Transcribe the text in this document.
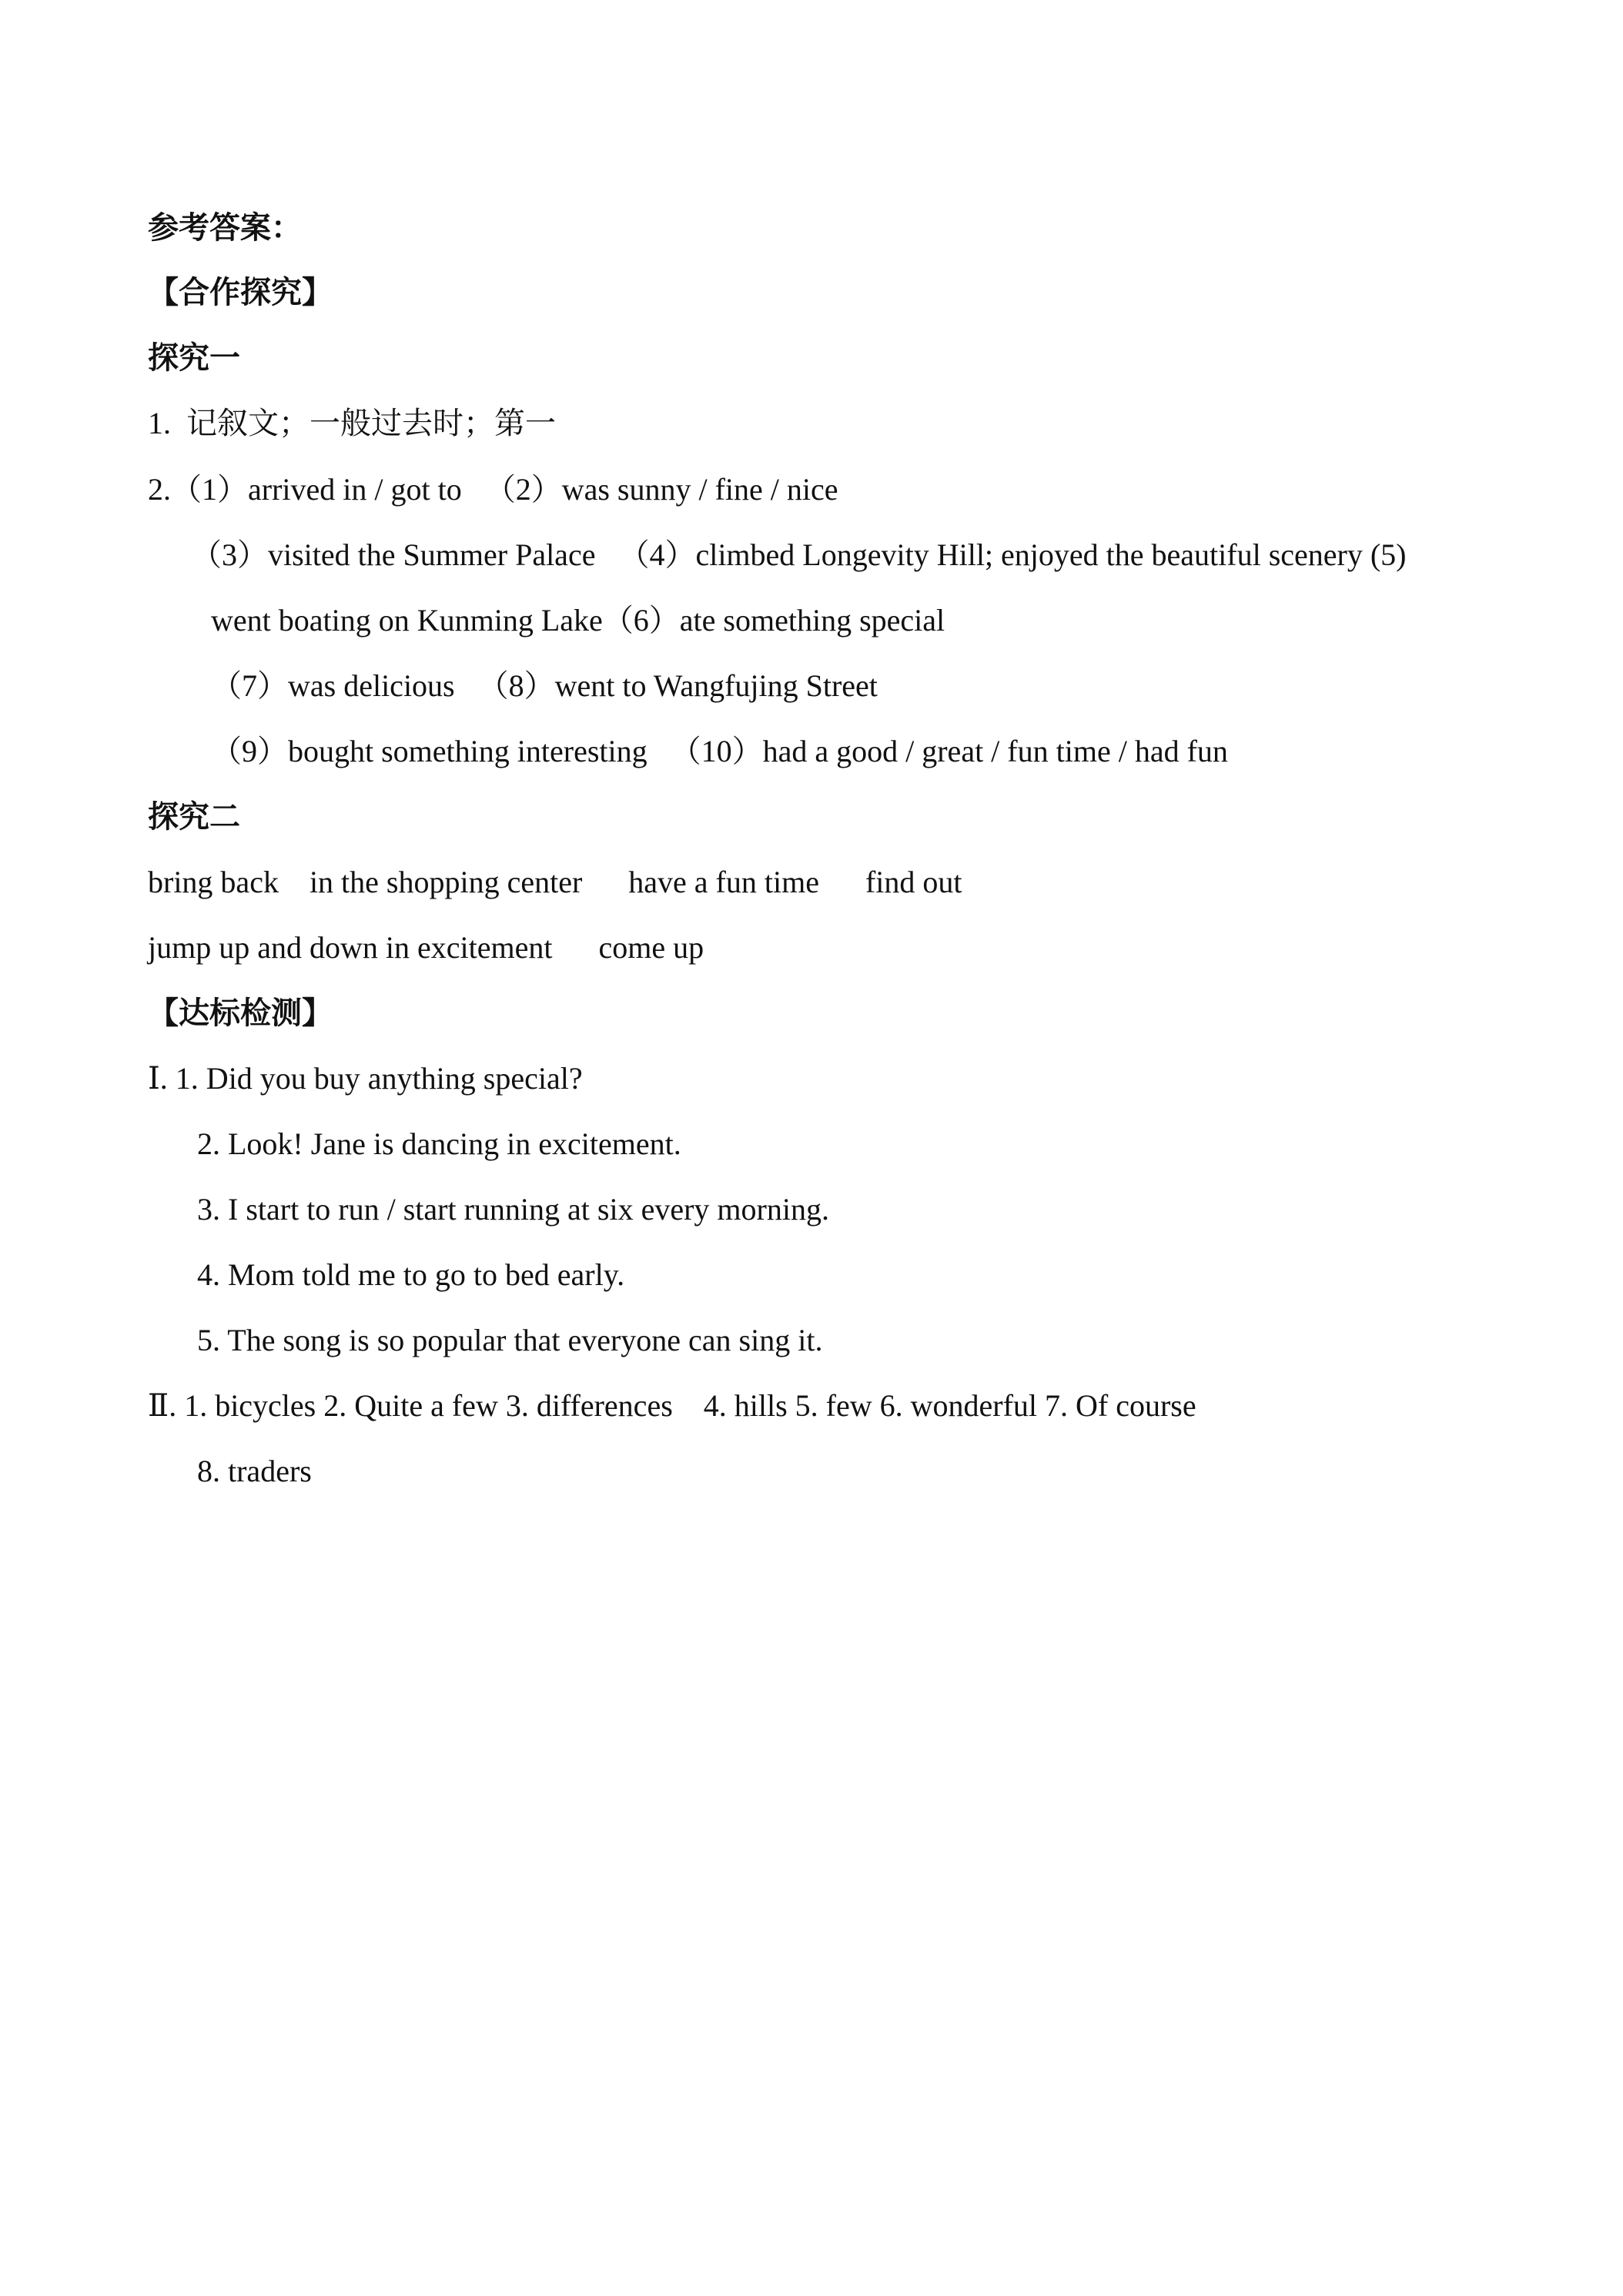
参考答案：
【合作探究】
探究一
1.  记叙文；一般过去时；第一
2.（1）arrived in / got to   （2）was sunny / fine / nice
（3）visited the Summer Palace   （4）climbed Longevity Hill; enjoyed the beautiful scenery (5)
went boating on Kunming Lake（6）ate something special
（7）was delicious   （8）went to Wangfujing Street
（9）bought something interesting   （10）had a good / great / fun time / had fun
探究二
bring back    in the shopping center      have a fun time      find out
jump up and down in excitement      come up
【达标检测】
Ⅰ. 1. Did you buy anything special?
2. Look! Jane is dancing in excitement.
3. I start to run / start running at six every morning.
4. Mom told me to go to bed early.
5. The song is so popular that everyone can sing it.
Ⅱ. 1. bicycles 2. Quite a few 3. differences    4. hills 5. few 6. wonderful 7. Of course
8. traders
